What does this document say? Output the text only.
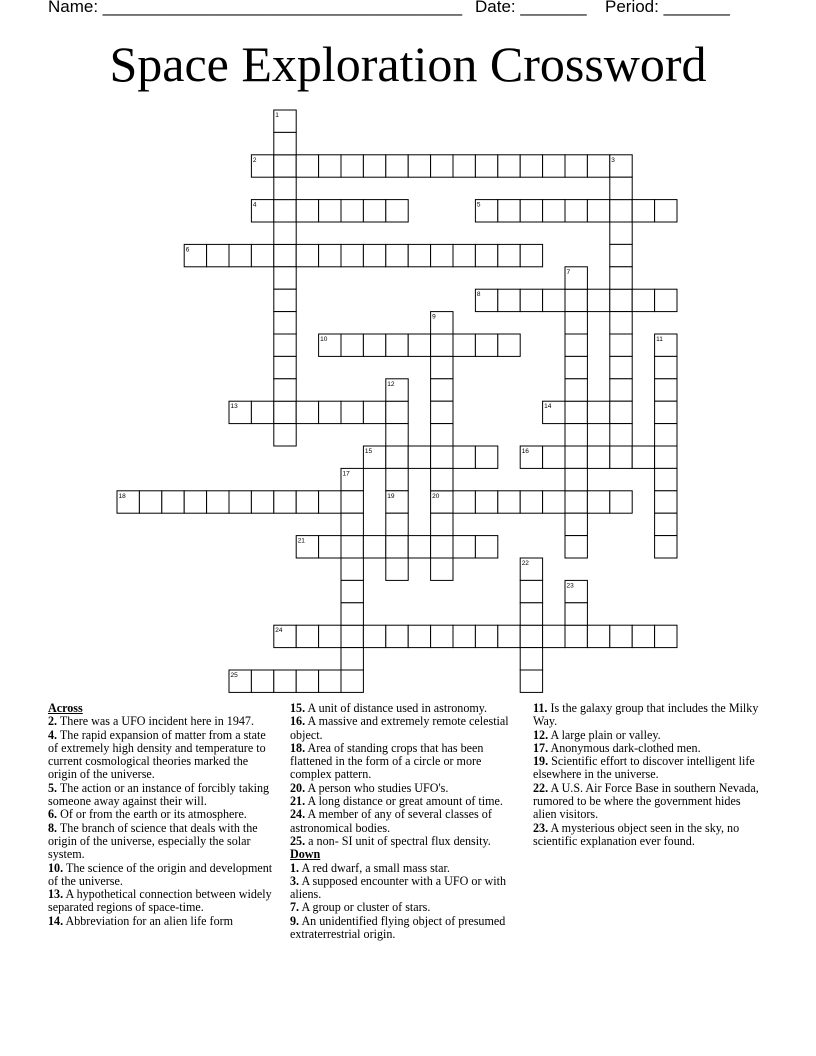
Name: ______________________________________ Date: _______ Period: _______
Space Exploration Crossword
1
2	3
4	5
6
7
8
9
10	11
12
13	14
15	16
17
18	19	20
21
22
23
24
25
Across
2. There was a UFO incident here in 1947.
4. The rapid expansion of matter from a state of extremely high density and temperature to current cosmological theories marked the origin of the universe.
5. The action or an instance of forcibly taking someone away against their will.
6. Of or from the earth or its atmosphere.
8. The branch of science that deals with the origin of the universe, especially the solar system.
10. The science of the origin and development of the universe.
13. A hypothetical connection between widely separated regions of space-time.
14. Abbreviation for an alien life form
15. A unit of distance used in astronomy.
16. A massive and extremely remote celestial object.
18. Area of standing crops that has been flattened in the form of a circle or more complex pattern.
20. A person who studies UFO's.
21. A long distance or great amount of time.
24. A member of any of several classes of astronomical bodies.
25. a non- SI unit of spectral flux density.
Down
1. A red dwarf, a small mass star.
3. A supposed encounter with a UFO or with aliens.
7. A group or cluster of stars.
9. An unidentified flying object of presumed extraterrestrial origin.
11. Is the galaxy group that includes the Milky Way.
12. A large plain or valley.
17. Anonymous dark-clothed men.
19. Scientific effort to discover intelligent life elsewhere in the universe.
22. A U.S. Air Force Base in southern Nevada, rumored to be where the government hides alien visitors.
23. A mysterious object seen in the sky, no scientific explanation ever found.
